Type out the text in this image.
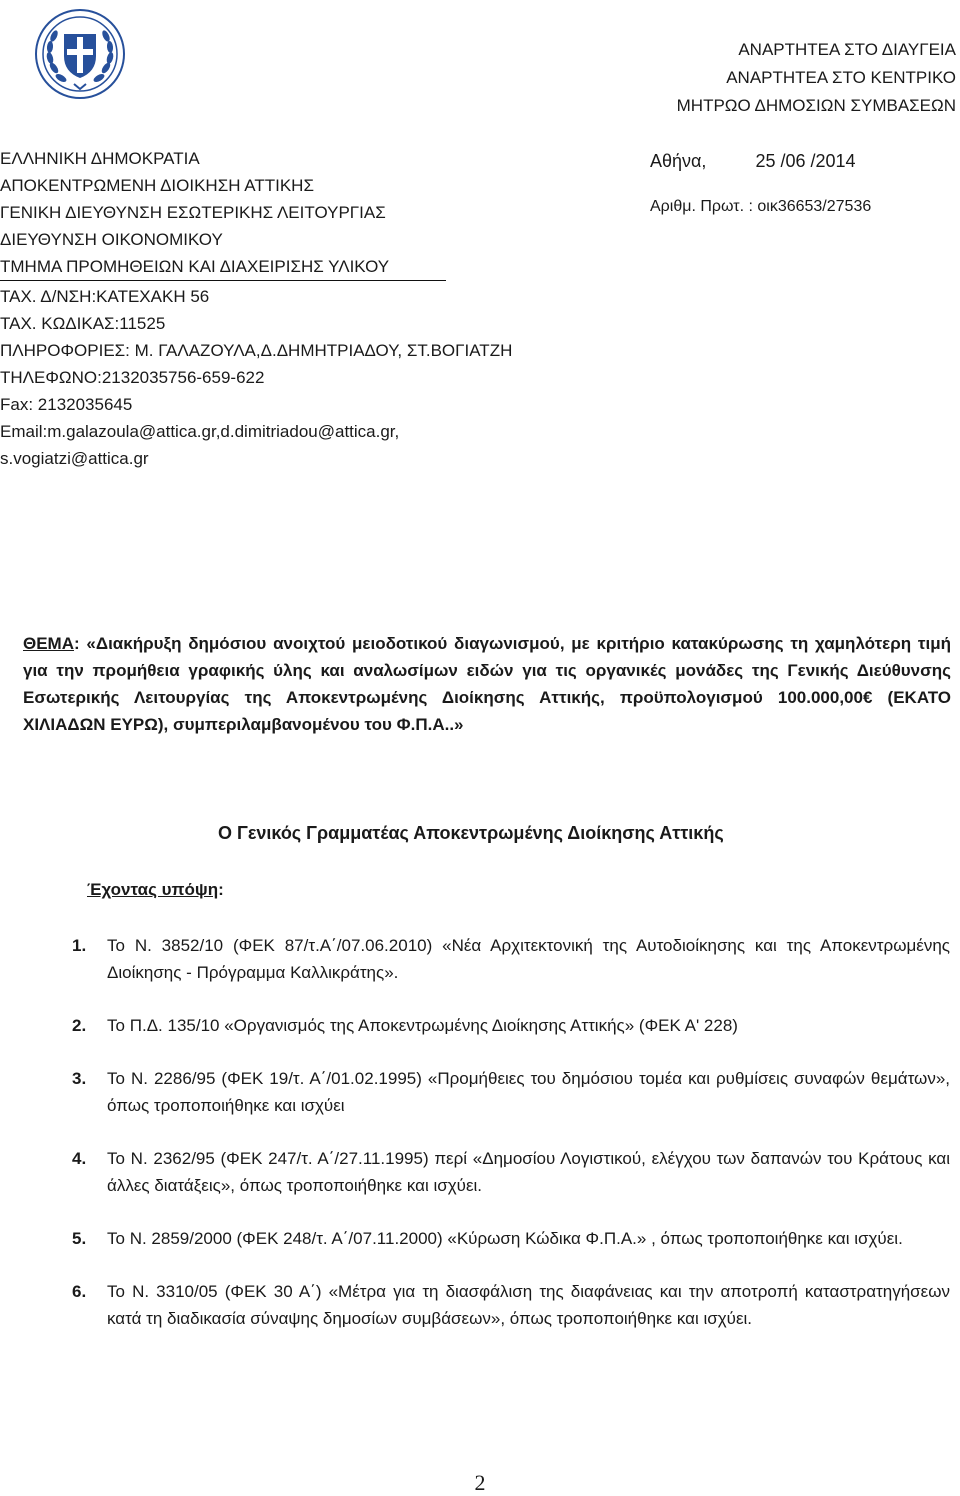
ΑΝΑΡΤΗΤΕΑ ΣΤΟ ΔΙΑΥΓΕΙΑ
ΑΝΑΡΤΗΤΕΑ ΣΤΟ ΚΕΝΤΡΙΚΟ
ΜΗΤΡΩΟ ΔΗΜΟΣΙΩΝ ΣΥΜΒΑΣΕΩΝ
ΕΛΛΗΝΙΚΗ ΔΗΜΟΚΡΑΤΙΑ
ΑΠΟΚΕΝΤΡΩΜΕΝΗ ΔΙΟΙΚΗΣΗ ΑΤΤΙΚΗΣ
ΓΕΝΙΚΗ ΔΙΕΥΘΥΝΣΗ ΕΣΩΤΕΡΙΚΗΣ ΛΕΙΤΟΥΡΓΙΑΣ
ΔΙΕΥΘΥΝΣΗ ΟΙΚΟΝΟΜΙΚΟΥ
ΤΜΗΜΑ ΠΡΟΜΗΘΕΙΩΝ ΚΑΙ ΔΙΑΧΕΙΡΙΣΗΣ ΥΛΙΚΟΥ
ΤΑΧ. Δ/ΝΣΗ:ΚΑΤΕΧΑΚΗ 56
ΤΑΧ. ΚΩΔΙΚΑΣ:11525
ΠΛΗΡΟΦΟΡΙΕΣ: Μ. ΓΑΛΑΖΟΥΛΑ,Δ.ΔΗΜΗΤΡΙΑΔΟΥ, ΣΤ.ΒΟΓΙΑΤΖΗ
ΤΗΛΕΦΩΝΟ:2132035756-659-622
Fax: 2132035645
Email:m.galazoula@attica.gr,d.dimitriadou@attica.gr,
s.vogiatzi@attica.gr
Αθήνα,	25 /06 /2014
Αριθμ. Πρωτ. : οικ36653/27536
ΘΕΜΑ: «Διακήρυξη δημόσιου ανοιχτού μειοδοτικού διαγωνισμού, με κριτήριο κατακύρωσης τη χαμηλότερη τιμή για την προμήθεια γραφικής ύλης και αναλωσίμων ειδών για τις οργανικές μονάδες της Γενικής Διεύθυνσης Εσωτερικής Λειτουργίας της Αποκεντρωμένης Διοίκησης Αττικής, προϋπολογισμού 100.000,00€ (ΕΚΑΤΟ ΧΙΛΙΑΔΩΝ ΕΥΡΩ), συμπεριλαμβανομένου του Φ.Π.Α..»
Ο Γενικός Γραμματέας Αποκεντρωμένης Διοίκησης Αττικής
Έχοντας υπόψη:
1. Το Ν. 3852/10 (ΦΕΚ 87/τ.Α΄/07.06.2010) «Νέα Αρχιτεκτονική της Αυτοδιοίκησης και της Αποκεντρωμένης Διοίκησης - Πρόγραμμα Καλλικράτης».
2. Το Π.Δ. 135/10 «Οργανισμός της Αποκεντρωμένης Διοίκησης Αττικής» (ΦΕΚ Α' 228)
3. Το Ν. 2286/95 (ΦΕΚ 19/τ. Α΄/01.02.1995) «Προμήθειες του δημόσιου τομέα και ρυθμίσεις συναφών θεμάτων», όπως τροποποιήθηκε και ισχύει
4. Το Ν. 2362/95 (ΦΕΚ 247/τ. Α΄/27.11.1995) περί «Δημοσίου Λογιστικού, ελέγχου των δαπανών του Κράτους και άλλες διατάξεις», όπως τροποποιήθηκε και ισχύει.
5. Το Ν. 2859/2000 (ΦΕΚ 248/τ. Α΄/07.11.2000) «Κύρωση Κώδικα Φ.Π.Α.» , όπως τροποποιήθηκε και ισχύει.
6. Το Ν. 3310/05 (ΦΕΚ 30 Α΄) «Μέτρα για τη διασφάλιση της διαφάνειας και την αποτροπή καταστρατηγήσεων κατά τη διαδικασία σύναψης δημοσίων συμβάσεων», όπως τροποποιήθηκε και ισχύει.
2
